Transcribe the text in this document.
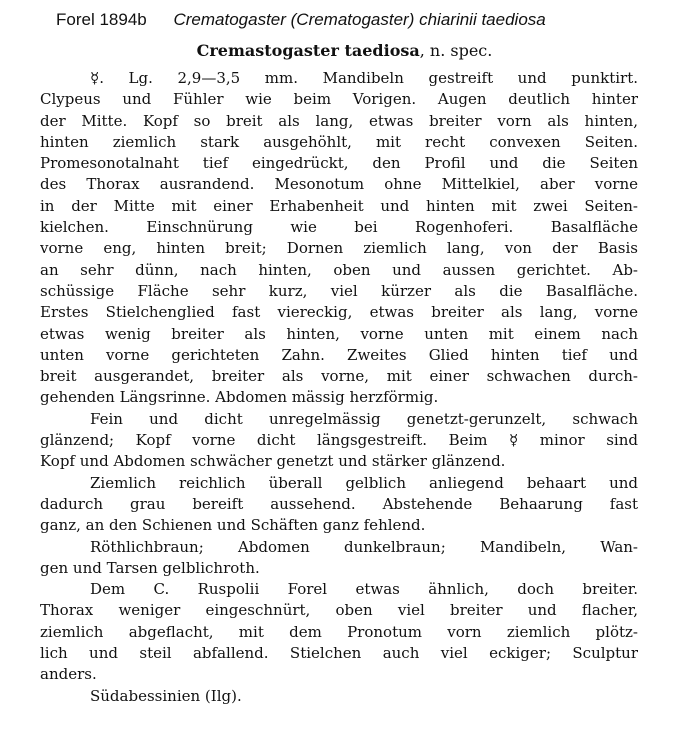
Forel 1894b Crematogaster (Crematogaster) chiarinii taediosa
Cremastogaster taediosa, n. spec.
☿. Lg. 2,9—3,5 mm. Mandibeln gestreift und punktirt.
Clypeus und Fühler wie beim Vorigen. Augen deutlich hinter
der Mitte. Kopf so breit als lang, etwas breiter vorn als hinten,
hinten ziemlich stark ausgehöhlt, mit recht convexen Seiten.
Promesonotalnaht tief eingedrückt, den Profil und die Seiten
des Thorax ausrandend. Mesonotum ohne Mittelkiel, aber vorne
in der Mitte mit einer Erhabenheit und hinten mit zwei Seiten-
kielchen. Einschnürung wie bei Rogenhoferi. Basalfläche
vorne eng, hinten breit; Dornen ziemlich lang, von der Basis
an sehr dünn, nach hinten, oben und aussen gerichtet. Ab-
schüssige Fläche sehr kurz, viel kürzer als die Basalfläche.
Erstes Stielchenglied fast viereckig, etwas breiter als lang, vorne
etwas wenig breiter als hinten, vorne unten mit einem nach
unten vorne gerichteten Zahn. Zweites Glied hinten tief und
breit ausgerandet, breiter als vorne, mit einer schwachen durch-
gehenden Längsrinne. Abdomen mässig herzförmig.
Fein und dicht unregelmässig genetzt-gerunzelt, schwach
glänzend; Kopf vorne dicht längsgestreift. Beim ☿ minor sind
Kopf und Abdomen schwächer genetzt und stärker glänzend.
Ziemlich reichlich überall gelblich anliegend behaart und
dadurch grau bereift aussehend. Abstehende Behaarung fast
ganz, an den Schienen und Schäften ganz fehlend.
Röthlichbraun; Abdomen dunkelbraun; Mandibeln, Wan-
gen und Tarsen gelblichroth.
Dem C. Ruspolii Forel etwas ähnlich, doch breiter.
Thorax weniger eingeschnürt, oben viel breiter und flacher,
ziemlich abgeflacht, mit dem Pronotum vorn ziemlich plötz-
lich und steil abfallend. Stielchen auch viel eckiger; Sculptur
anders.
Südabessinien (Ilg).
